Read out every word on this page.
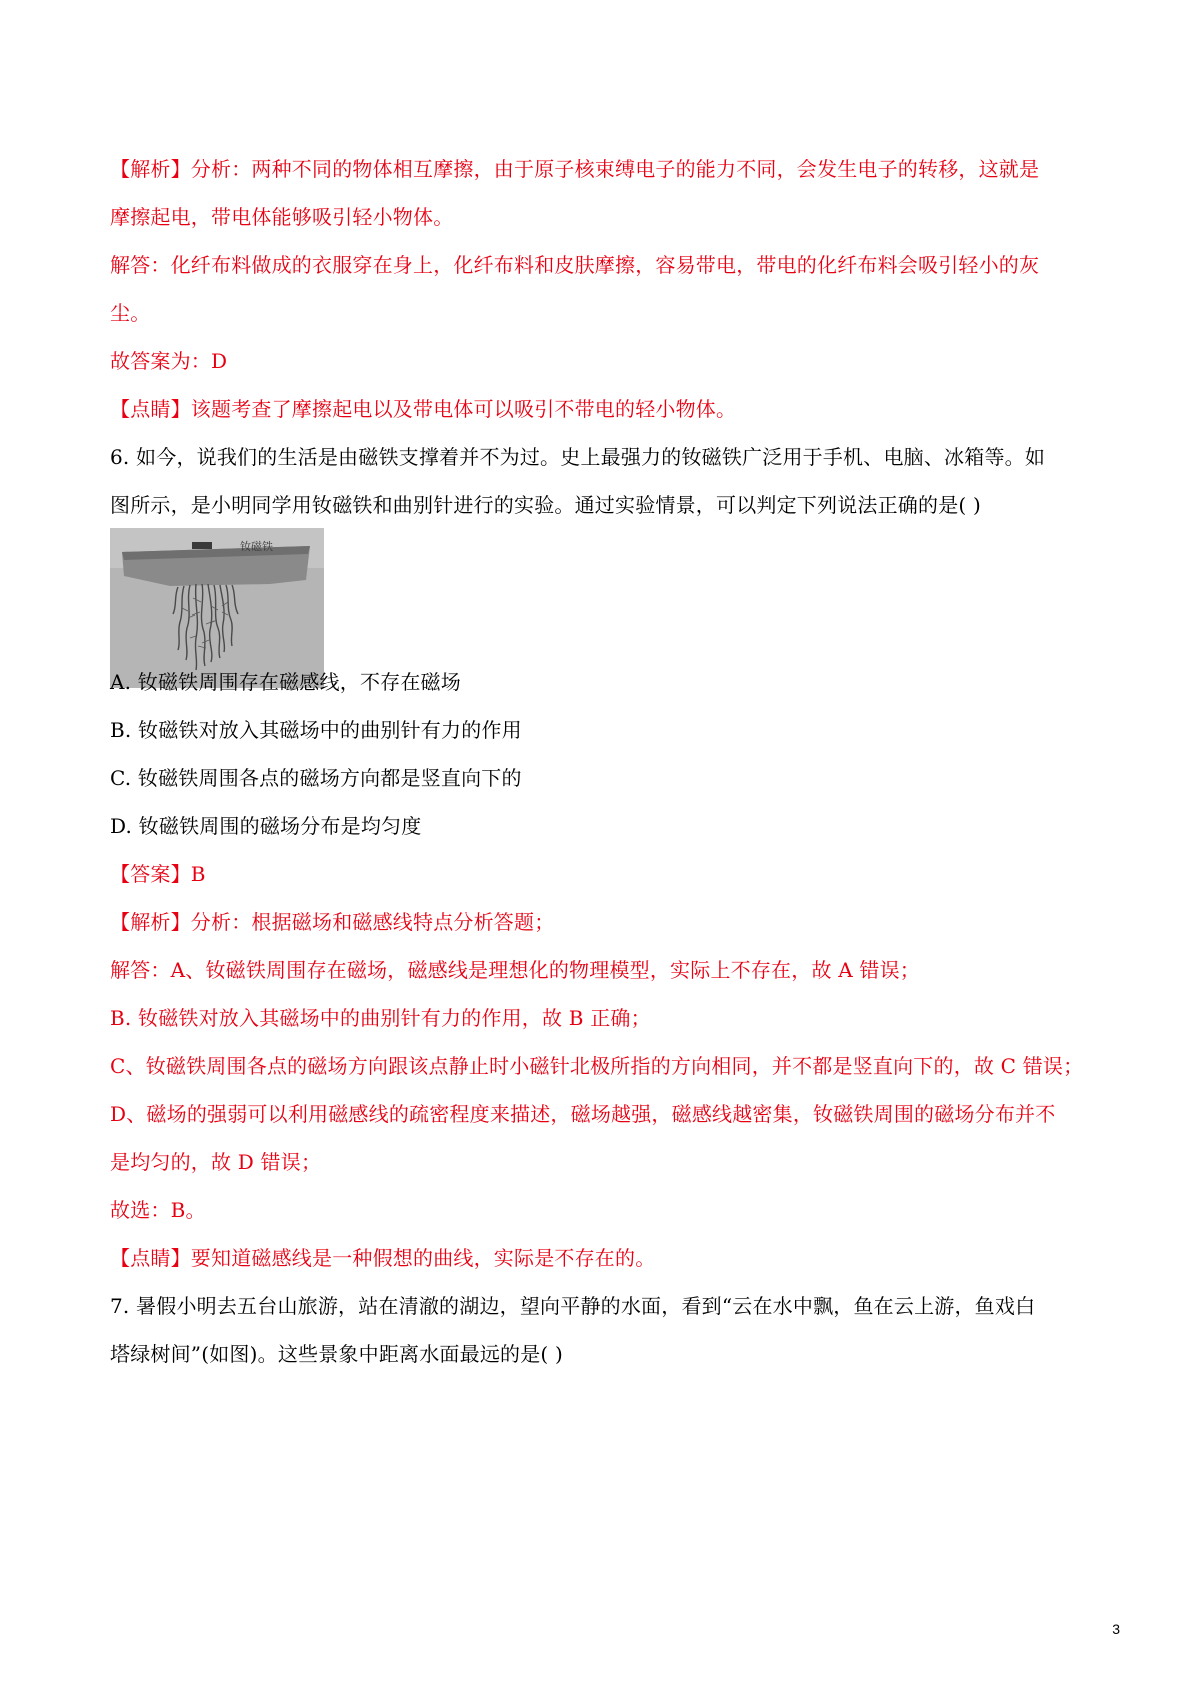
【解析】分析：两种不同的物体相互摩擦，由于原子核束缚电子的能力不同，会发生电子的转移，这就是
摩擦起电，带电体能够吸引轻小物体。
解答：化纤布料做成的衣服穿在身上，化纤布料和皮肤摩擦，容易带电，带电的化纤布料会吸引轻小的灰
尘。
故答案为：D
【点睛】该题考查了摩擦起电以及带电体可以吸引不带电的轻小物体。
6. 如今，说我们的生活是由磁铁支撑着并不为过。史上最强力的钕磁铁广泛用于手机、电脑、冰箱等。如
图所示，是小明同学用钕磁铁和曲别针进行的实验。通过实验情景，可以判定下列说法正确的是( )
钕磁铁
A. 钕磁铁周围存在磁感线，不存在磁场
B. 钕磁铁对放入其磁场中的曲别针有力的作用
C. 钕磁铁周围各点的磁场方向都是竖直向下的
D. 钕磁铁周围的磁场分布是均匀度
【答案】B
【解析】分析：根据磁场和磁感线特点分析答题；
解答：A、钕磁铁周围存在磁场，磁感线是理想化的物理模型，实际上不存在，故 A 错误；
B. 钕磁铁对放入其磁场中的曲别针有力的作用，故 B 正确；
C、钕磁铁周围各点的磁场方向跟该点静止时小磁针北极所指的方向相同，并不都是竖直向下的，故 C 错误；
D、磁场的强弱可以利用磁感线的疏密程度来描述，磁场越强，磁感线越密集，钕磁铁周围的磁场分布并不
是均匀的，故 D 错误；
故选：B。
【点睛】要知道磁感线是一种假想的曲线，实际是不存在的。
7. 暑假小明去五台山旅游，站在清澈的湖边，望向平静的水面，看到“云在水中飘，鱼在云上游，鱼戏白
塔绿树间”(如图)。这些景象中距离水面最远的是( )
3
